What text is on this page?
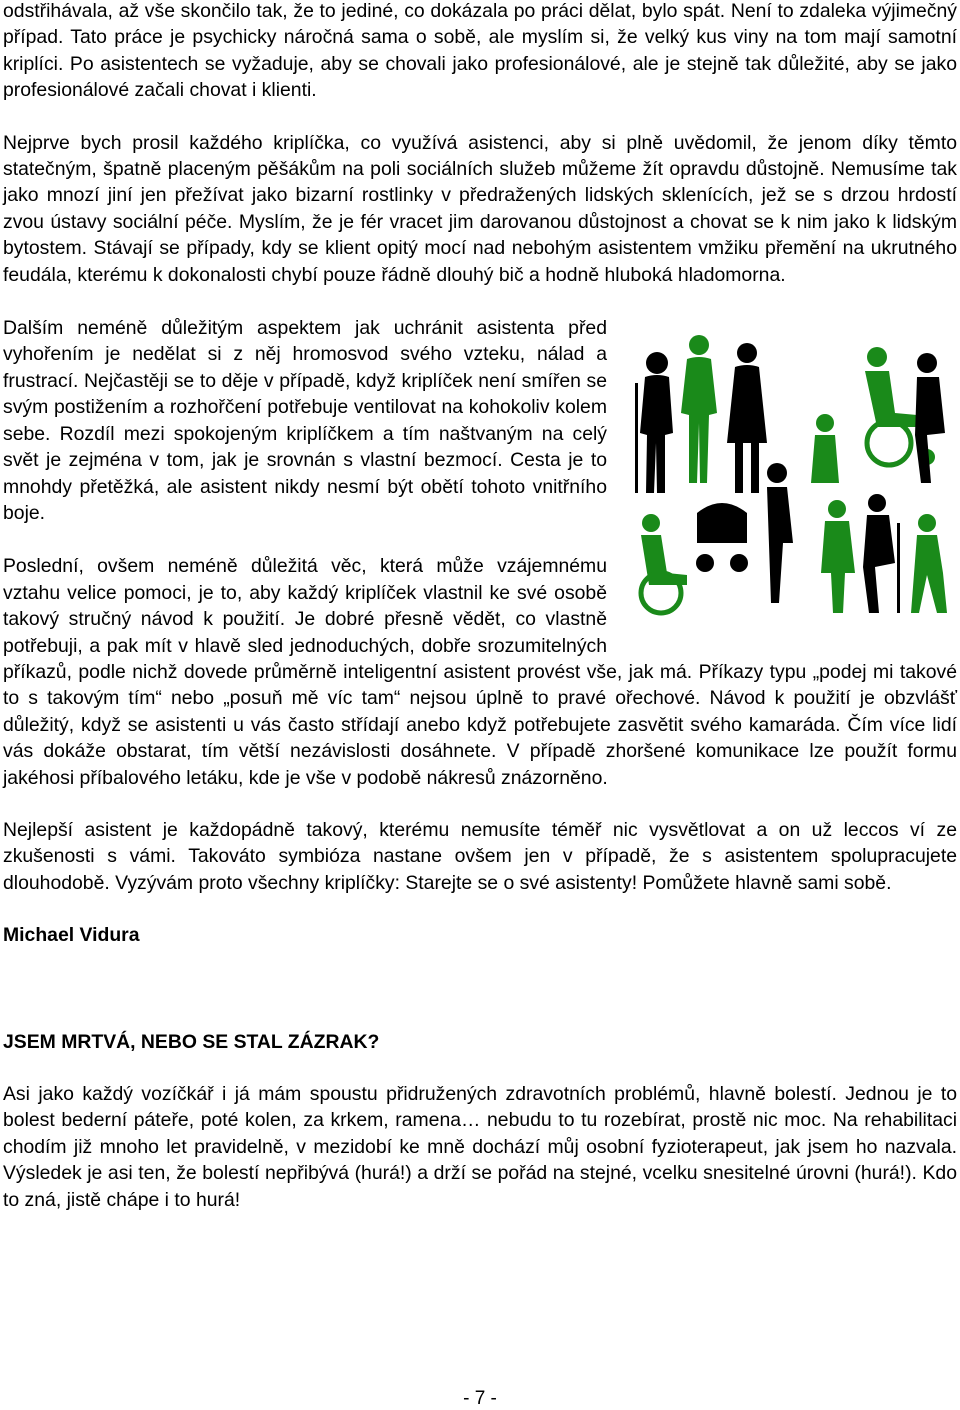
odstřihávala, až vše skončilo tak, že to jediné, co dokázala po práci dělat, bylo spát. Není to zdaleka výjimečný případ. Tato práce je psychicky náročná sama o sobě, ale myslím si, že velký kus viny na tom mají samotní kriplíci. Po asistentech se vyžaduje, aby se chovali jako profesionálové, ale je stejně tak důležité, aby se jako profesionálové začali chovat i klienti.

Nejprve bych prosil každého kriplíčka, co využívá asistenci, aby si plně uvědomil, že jenom díky těmto statečným, špatně placeným pěšákům na poli sociálních služeb můžeme žít opravdu důstojně. Nemusíme tak jako mnozí jiní jen přežívat jako bizarní rostlinky v předražených lidských sklenících, jež se s drzou hrdostí zvou ústavy sociální péče. Myslím, že je fér vracet jim darovanou důstojnost a chovat se k nim jako k lidským bytostem. Stávají se případy, kdy se klient opitý mocí nad nebohým asistentem vmžiku přemění na ukrutného feudála, kterému k dokonalosti chybí pouze řádně dlouhý bič a hodně hluboká hladomorna.

Dalším neméně důležitým aspektem jak uchránit asistenta před vyhořením je nedělat si z něj hromosvod svého vzteku, nálad a frustrací. Nejčastěji se to děje v případě, když kriplíček není smířen se svým postižením a rozhořčení potřebuje ventilovat na kohokoliv kolem sebe. Rozdíl mezi spokojeným kriplíčkem a tím naštvaným na celý svět je zejména v tom, jak je srovnán s vlastní bezmocí. Cesta je to mnohdy přetěžká, ale asistent nikdy nesmí být obětí tohoto vnitřního boje.

Poslední, ovšem neméně důležitá věc, která může vzájemnému vztahu velice pomoci, je to, aby každý kriplíček vlastnil ke své osobě takový stručný návod k použití. Je dobré přesně vědět, co vlastně potřebuji, a pak mít v hlavě sled jednoduchých, dobře srozumitelných příkazů, podle nichž dovede průměrně inteligentní asistent provést vše, jak má. Příkazy typu „podej mi takové to s takovým tím“ nebo „posuň mě víc tam“ nejsou úplně to pravé ořechové. Návod k použití je obzvlášť důležitý, když se asistenti u vás často střídají anebo když potřebujete zasvětit svého kamaráda. Čím více lidí vás dokáže obstarat, tím větší nezávislosti dosáhnete. V případě zhoršené komunikace lze použít formu jakéhosi příbalového letáku, kde je vše v podobě nákresů znázorněno.

Nejlepší asistent je každopádně takový, kterému nemusíte téměř nic vysvětlovat a on už leccos ví ze zkušenosti s vámi. Takováto symbióza nastane ovšem jen v případě, že s asistentem spolupracujete dlouhodobě. Vyzývám proto všechny kriplíčky: Starejte se o své asistenty! Pomůžete hlavně sami sobě.

Michael Vidura

JSEM MRTVÁ, NEBO SE STAL ZÁZRAK?

Asi jako každý vozíčkář i já mám spoustu přidružených zdravotních problémů, hlavně bolestí. Jednou je to bolest bederní páteře, poté kolen, za krkem, ramena… nebudu to tu rozebírat, prostě nic moc. Na rehabilitaci chodím již mnoho let pravidelně, v mezidobí ke mně dochází můj osobní fyzioterapeut, jak jsem ho nazvala. Výsledek je asi ten, že bolestí nepřibývá (hurá!) a drží se pořád na stejné, vcelku snesitelné úrovni (hurá!). Kdo to zná, jistě chápe i to hurá!

- 7 -
